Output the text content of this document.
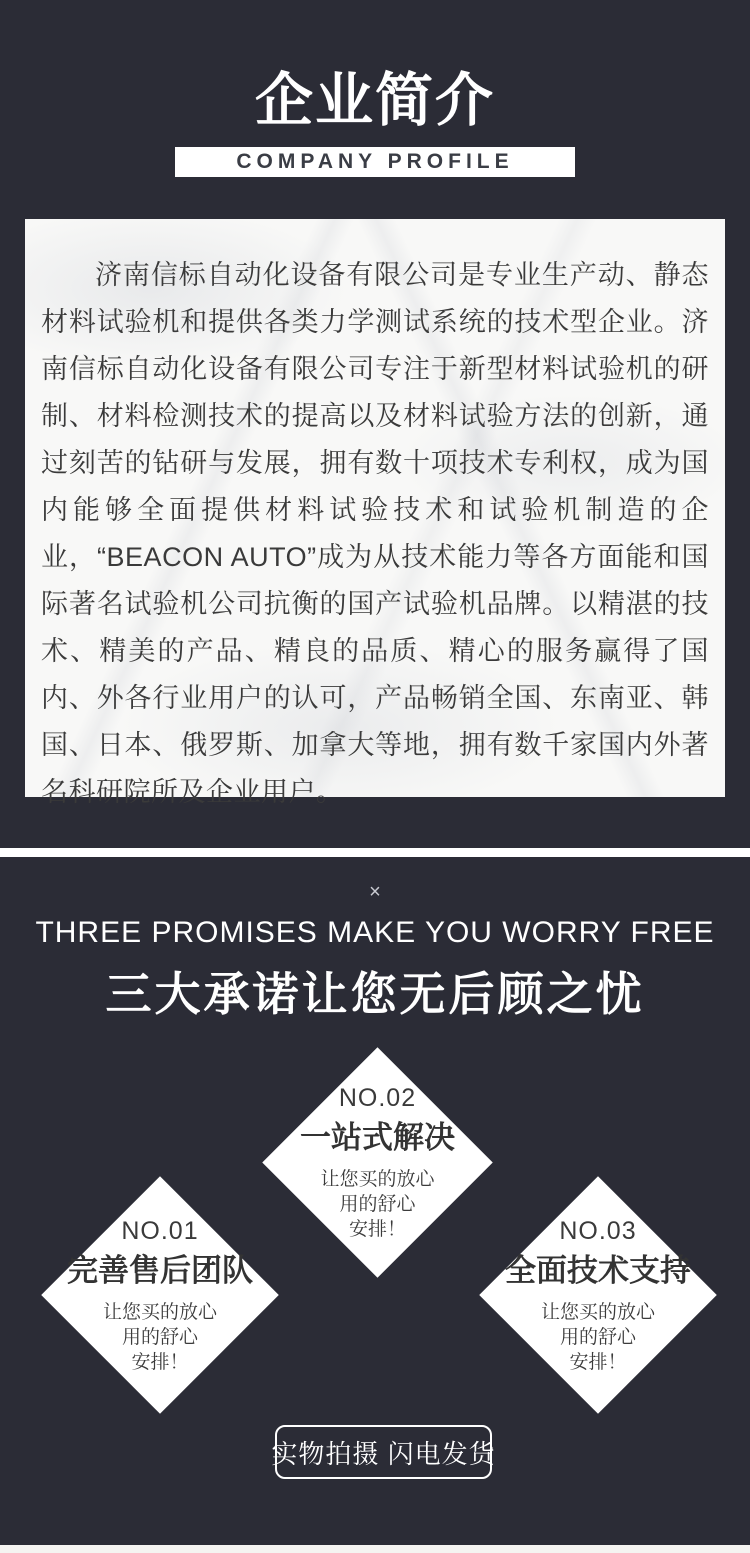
企业简介
COMPANY PROFILE

济南信标自动化设备有限公司是专业生产动、静态材料试验机和提供各类力学测试系统的技术型企业。济南信标自动化设备有限公司专注于新型材料试验机的研制、材料检测技术的提高以及材料试验方法的创新，通过刻苦的钻研与发展，拥有数十项技术专利权，成为国内能够全面提供材料试验技术和试验机制造的企业，“BEACON AUTO”成为从技术能力等各方面能和国际著名试验机公司抗衡的国产试验机品牌。以精湛的技术、精美的产品、精良的品质、精心的服务赢得了国内、外各行业用户的认可，产品畅销全国、东南亚、韩国、日本、俄罗斯、加拿大等地，拥有数千家国内外著名科研院所及企业用户。

×
THREE PROMISES MAKE YOU WORRY FREE
三大承诺让您无后顾之忧
NO.01
完善售后团队
让您买的放心
用的舒心
安排！
NO.02
一站式解决
让您买的放心
用的舒心
安排！	NO.03
全面技术支持
让您买的放心
用的舒心
安排！
实物拍摄 闪电发货
